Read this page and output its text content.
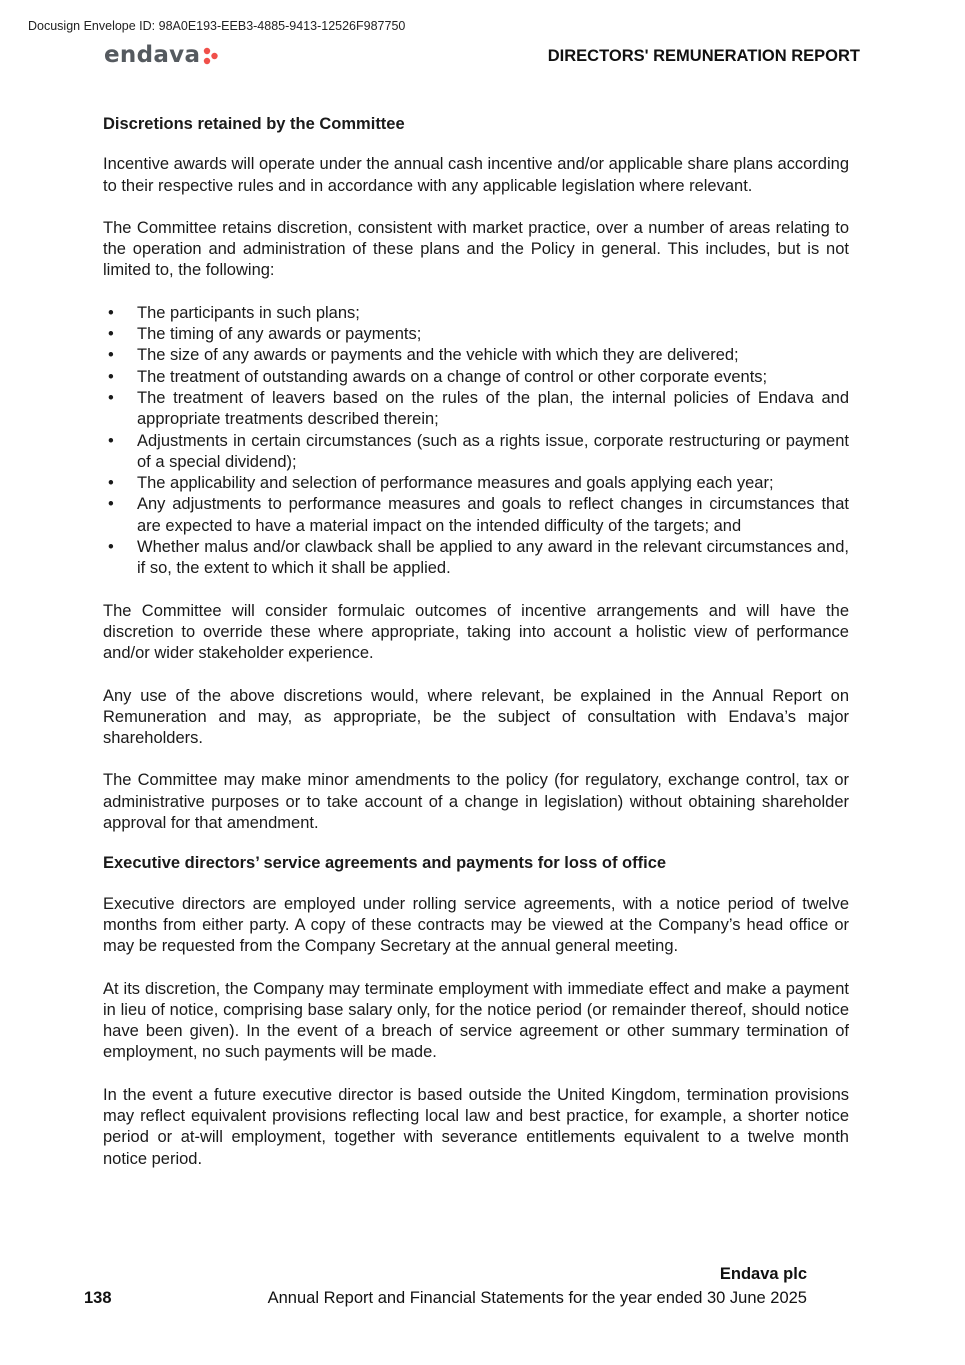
Docusign Envelope ID: 98A0E193-EEB3-4885-9413-12526F987750
endava	DIRECTORS' REMUNERATION REPORT
Discretions retained by the Committee

Incentive awards will operate under the annual cash incentive and/or applicable share plans according to their respective rules and in accordance with any applicable legislation where relevant.

The Committee retains discretion, consistent with market practice, over a number of areas relating to the operation and administration of these plans and the Policy in general. This includes, but is not limited to, the following:

• The participants in such plans;
• The timing of any awards or payments;
• The size of any awards or payments and the vehicle with which they are delivered;
• The treatment of outstanding awards on a change of control or other corporate events;
• The treatment of leavers based on the rules of the plan, the internal policies of Endava and appropriate treatments described therein;
• Adjustments in certain circumstances (such as a rights issue, corporate restructuring or payment of a special dividend);
• The applicability and selection of performance measures and goals applying each year;
• Any adjustments to performance measures and goals to reflect changes in circumstances that are expected to have a material impact on the intended difficulty of the targets; and
• Whether malus and/or clawback shall be applied to any award in the relevant circumstances and, if so, the extent to which it shall be applied.

The Committee will consider formulaic outcomes of incentive arrangements and will have the discretion to override these where appropriate, taking into account a holistic view of performance and/or wider stakeholder experience.

Any use of the above discretions would, where relevant, be explained in the Annual Report on Remuneration and may, as appropriate, be the subject of consultation with Endava’s major shareholders.

The Committee may make minor amendments to the policy (for regulatory, exchange control, tax or administrative purposes or to take account of a change in legislation) without obtaining shareholder approval for that amendment.

Executive directors’ service agreements and payments for loss of office

Executive directors are employed under rolling service agreements, with a notice period of twelve months from either party. A copy of these contracts may be viewed at the Company’s head office or may be requested from the Company Secretary at the annual general meeting.

At its discretion, the Company may terminate employment with immediate effect and make a payment in lieu of notice, comprising base salary only, for the notice period (or remainder thereof, should notice have been given). In the event of a breach of service agreement or other summary termination of employment, no such payments will be made.

In the event a future executive director is based outside the United Kingdom, termination provisions may reflect equivalent provisions reflecting local law and best practice, for example, a shorter notice period or at-will employment, together with severance entitlements equivalent to a twelve month notice period.

Endava plc
138	Annual Report and Financial Statements for the year ended 30 June 2025
